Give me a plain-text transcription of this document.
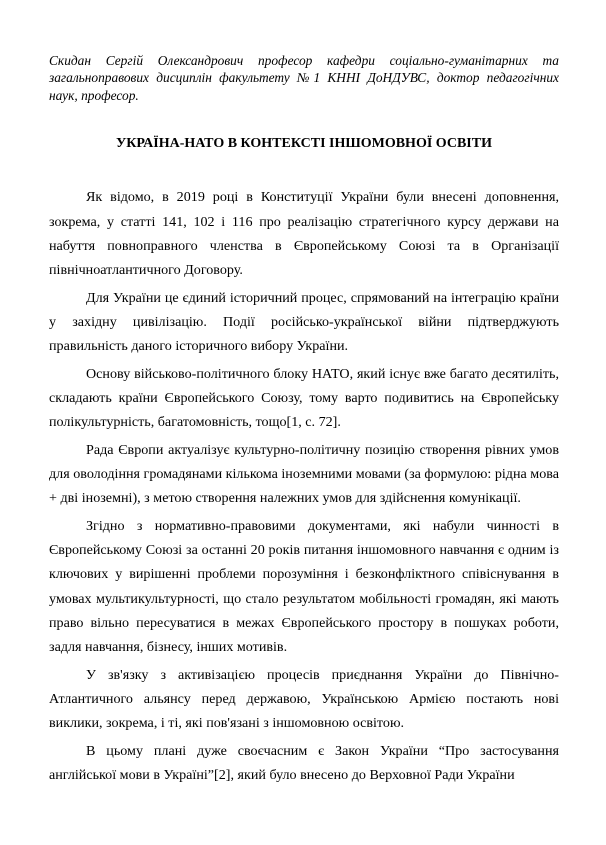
Скидан Сергій Олександрович професор кафедри соціально-гуманітарних та загальноправових дисциплін факультету №1 КННІ ДоНДУВС, доктор педагогічних наук, професор.

УКРАЇНА-НАТО В КОНТЕКСТІ ІНШОМОВНОЇ ОСВІТИ

Як відомо, в 2019 році в Конституції України були внесені доповнення, зокрема, у статті 141, 102 і 116 про реалізацію стратегічного курсу держави на набуття повноправного членства в Європейському Союзі та в Організації північноатлантичного Договору.

Для України це єдиний історичний процес, спрямований на інтеграцію країни у західну цивілізацію. Події російсько-української війни підтверджують правильність даного історичного вибору України.

Основу військово-політичного блоку НАТО, який існує вже багато десятиліть, складають країни Європейського Союзу, тому варто подивитись на Європейську полікультурність, багатомовність, тощо[1, с. 72].

Рада Європи актуалізує культурно-політичну позицію створення рівних умов для оволодіння громадянами кількома іноземними мовами (за формулою: рідна мова + дві іноземні), з метою створення належних умов для здійснення комунікації.

Згідно з нормативно-правовими документами, які набули чинності в Європейському Союзі за останні 20 років питання іншомовного навчання є одним із ключових у вирішенні проблеми порозуміння і безконфліктного співіснування в умовах мультикультурності, що стало результатом мобільності громадян, які мають право вільно пересуватися в межах Європейського простору в пошуках роботи, задля навчання, бізнесу, інших мотивів.

У зв'язку з активізацією процесів приєднання України до Північно-Атлантичного альянсу перед державою, Українською Армією постають нові виклики, зокрема, і ті, які пов'язані з іншомовною освітою.

В цьому плані дуже своєчасним є Закон України “Про застосування англійської мови в Україні”[2], який було внесено до Верховної Ради України
